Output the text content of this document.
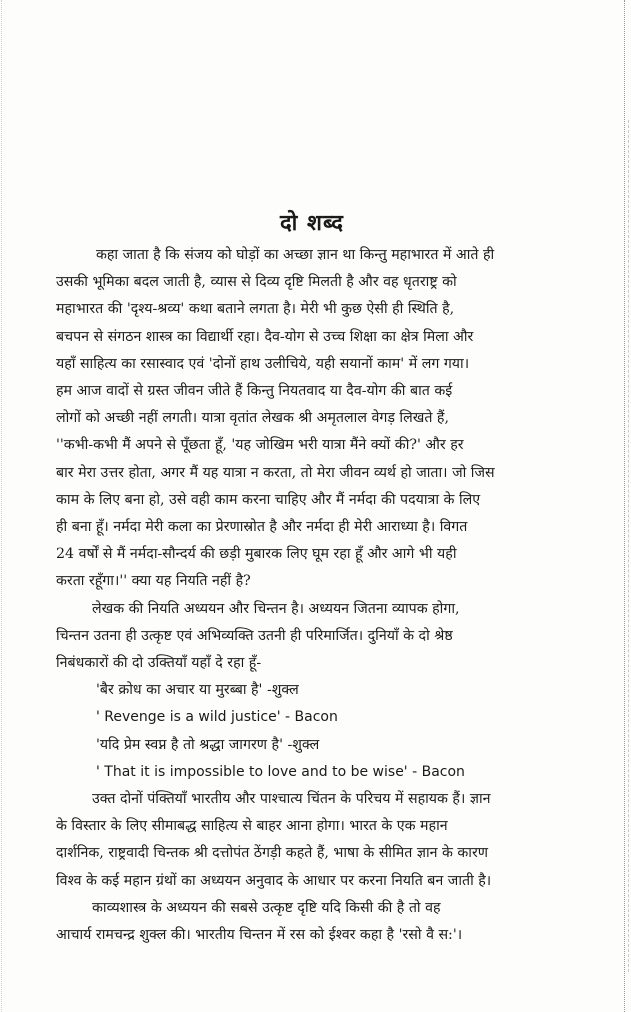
दो शब्द

कहा जाता है कि संजय को घोड़ों का अच्छा ज्ञान था किन्तु महाभारत में आते ही

उसकी भूमिका बदल जाती है, व्यास से दिव्य दृष्टि मिलती है और वह धृतराष्ट्र को

महाभारत की 'दृश्य-श्रव्य' कथा बताने लगता है। मेरी भी कुछ ऐसी ही स्थिति है,

बचपन से संगठन शास्त्र का विद्यार्थी रहा। दैव-योग से उच्च शिक्षा का क्षेत्र मिला और

यहाँ साहित्य का रसास्वाद एवं 'दोनों हाथ उलीचिये, यही सयानों काम' में लग गया।

हम आज वादों से ग्रस्त जीवन जीते हैं किन्तु नियतवाद या दैव-योग की बात कई

लोगों को अच्छी नहीं लगती। यात्रा वृतांत लेखक श्री अमृतलाल वेगड़ लिखते हैं,

''कभी-कभी मैं अपने से पूँछता हूँ, 'यह जोखिम भरी यात्रा मैंने क्यों की?' और हर

बार मेरा उत्तर होता, अगर मैं यह यात्रा न करता, तो मेरा जीवन व्यर्थ हो जाता। जो जिस

काम के लिए बना हो, उसे वही काम करना चाहिए और मैं नर्मदा की पदयात्रा के लिए

ही बना हूँ। नर्मदा मेरी कला का प्रेरणास्रोत है और नर्मदा ही मेरी आराध्या है। विगत

24 वर्षों से मैं नर्मदा-सौन्दर्य की छड़ी मुबारक लिए घूम रहा हूँ और आगे भी यही

करता रहूँगा।'' क्या यह नियति नहीं है?

लेखक की नियति अध्ययन और चिन्तन है। अध्ययन जितना व्यापक होगा,

चिन्तन उतना ही उत्कृष्ट एवं अभिव्यक्ति उतनी ही परिमार्जित। दुनियाँ के दो श्रेष्ठ

निबंधकारों की दो उक्तियाँ यहाँ दे रहा हूँ-

'बैर क्रोध का अचार या मुरब्बा है' -शुक्ल

' Revenge is a wild justice' - Bacon

'यदि प्रेम स्वप्न है तो श्रद्धा जागरण है' -शुक्ल

' That it is impossible to love and to be wise' - Bacon

उक्त दोनों पंक्तियाँ भारतीय और पाश्चात्य चिंतन के परिचय में सहायक हैं। ज्ञान

के विस्तार के लिए सीमाबद्ध साहित्य से बाहर आना होगा। भारत के एक महान

दार्शनिक, राष्ट्रवादी चिन्तक श्री दत्तोपंत ठेंगड़ी कहते हैं, भाषा के सीमित ज्ञान के कारण

विश्व के कई महान ग्रंथों का अध्ययन अनुवाद के आधार पर करना नियति बन जाती है।

काव्यशास्त्र के अध्ययन की सबसे उत्कृष्ट दृष्टि यदि किसी की है तो वह

आचार्य रामचन्द्र शुक्ल की। भारतीय चिन्तन में रस को ईश्वर कहा है 'रसो वै स:'।
